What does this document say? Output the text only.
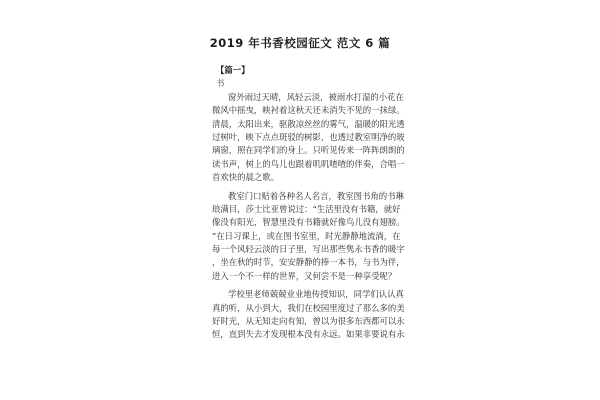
2019 年书香校园征文 范文 6 篇

【篇一】

书

窗外雨过天晴，风轻云淡，被雨水打湿的小花在

微风中摇曳，映衬着这秋天还未消失不见的一抹绿。

清晨，太阳出来，驱散凉丝丝的雾气，温暖的阳光透

过树叶，映下点点斑驳的树影，也透过教室明净的玻

璃窗，照在同学们的身上。只听见传来一阵阵朗朗的

读书声，树上的鸟儿也跟着叽叽喳喳的伴奏，合唱一

首欢快的晨之歌。

教室门口贴着各种名人名言，教室图书角的书琳

琅满目，莎士比亚曾说过：“生活里没有书籍，就好

像没有阳光，智慧里没有书籍就好像鸟儿没有翅膀。

”在日习课上，或在图书室里，时光静静地流淌，在

每一个风轻云淡的日子里，写出那些隽永书香的暖字

，坐在秋的时节，安安静静的捧一本书，与书为伴，

进入一个不一样的世界，又何尝不是一种享受呢？

学校里老师兢兢业业地传授知识，同学们认认真

真的听，从小到大，我们在校园里度过了那么多的美

好时光，从无知走向有知，曾以为很多东西都可以永

恒，直到失去才发现根本没有永远。如果非要说有永
